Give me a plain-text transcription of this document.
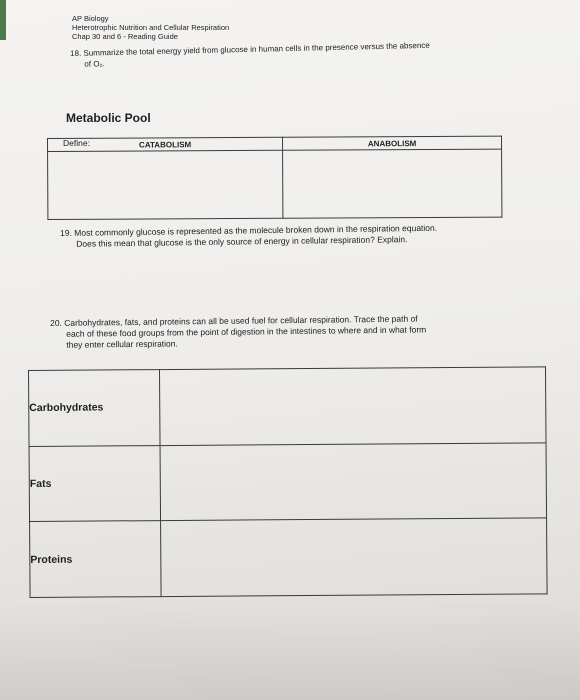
AP Biology
Heterotrophic Nutrition and Cellular Respiration
Chap 30 and 6 - Reading Guide
18. Summarize the total energy yield from glucose in human cells in the presence versus the absence
of O₂.
Metabolic Pool
Define:	CATABOLISM	ANABOLISM

19. Most commonly glucose is represented as the molecule broken down in the respiration equation.
Does this mean that glucose is the only source of energy in cellular respiration? Explain.
20. Carbohydrates, fats, and proteins can all be used fuel for cellular respiration. Trace the path of
each of these food groups from the point of digestion in the intestines to where and in what form
they enter cellular respiration.
Carbohydrates	
Fats	
Proteins	
